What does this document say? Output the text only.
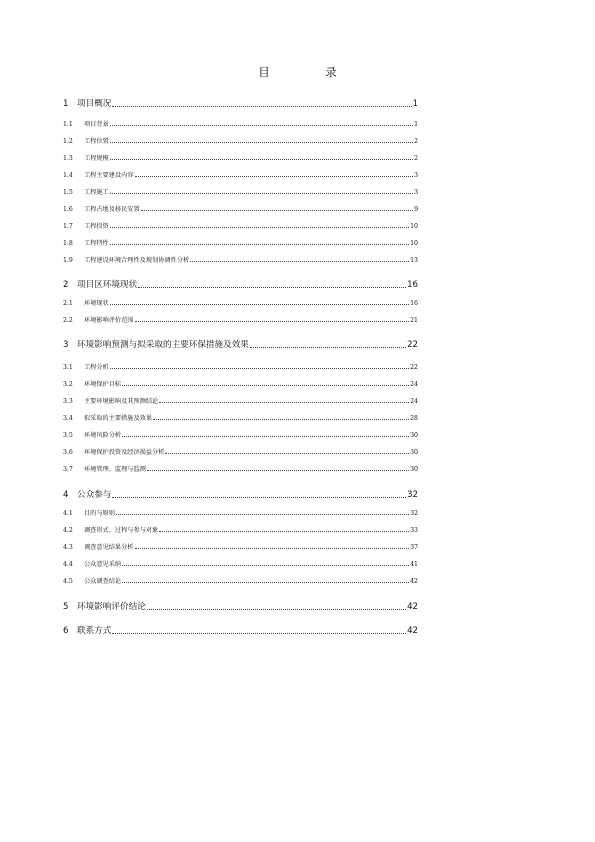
目　录
1 项目概况	1
1.1	项目背景	1
1.2	工程位置	2
1.3	工程规模	2
1.4	工程主要建设内容	3
1.5	工程施工	3
1.6	工程占地及移民安置	9
1.7	工程投资	10
1.8	工程特性	10
1.9	工程建设环境合理性及规划协调性分析	13
2 项目区环境现状	16
2.1	环境现状	16
2.2	环境影响评价范围	21
3 环境影响预测与拟采取的主要环保措施及效果	22
3.1	工程分析	22
3.2	环境保护目标	24
3.3	主要环境影响及其预测结论	24
3.4	拟采取的主要措施及效果	28
3.5	环境风险分析	30
3.6	环境保护投资及经济损益分析	30
3.7	环境管理、监理与监测	30
4 公众参与	32
4.1	目的与原则	32
4.2	调查形式、过程与参与对象	33
4.3	调查意见结果分析	37
4.4	公众意见采纳	41
4.5	公众调查结论	42
5 环境影响评价结论	42
6 联系方式	42
